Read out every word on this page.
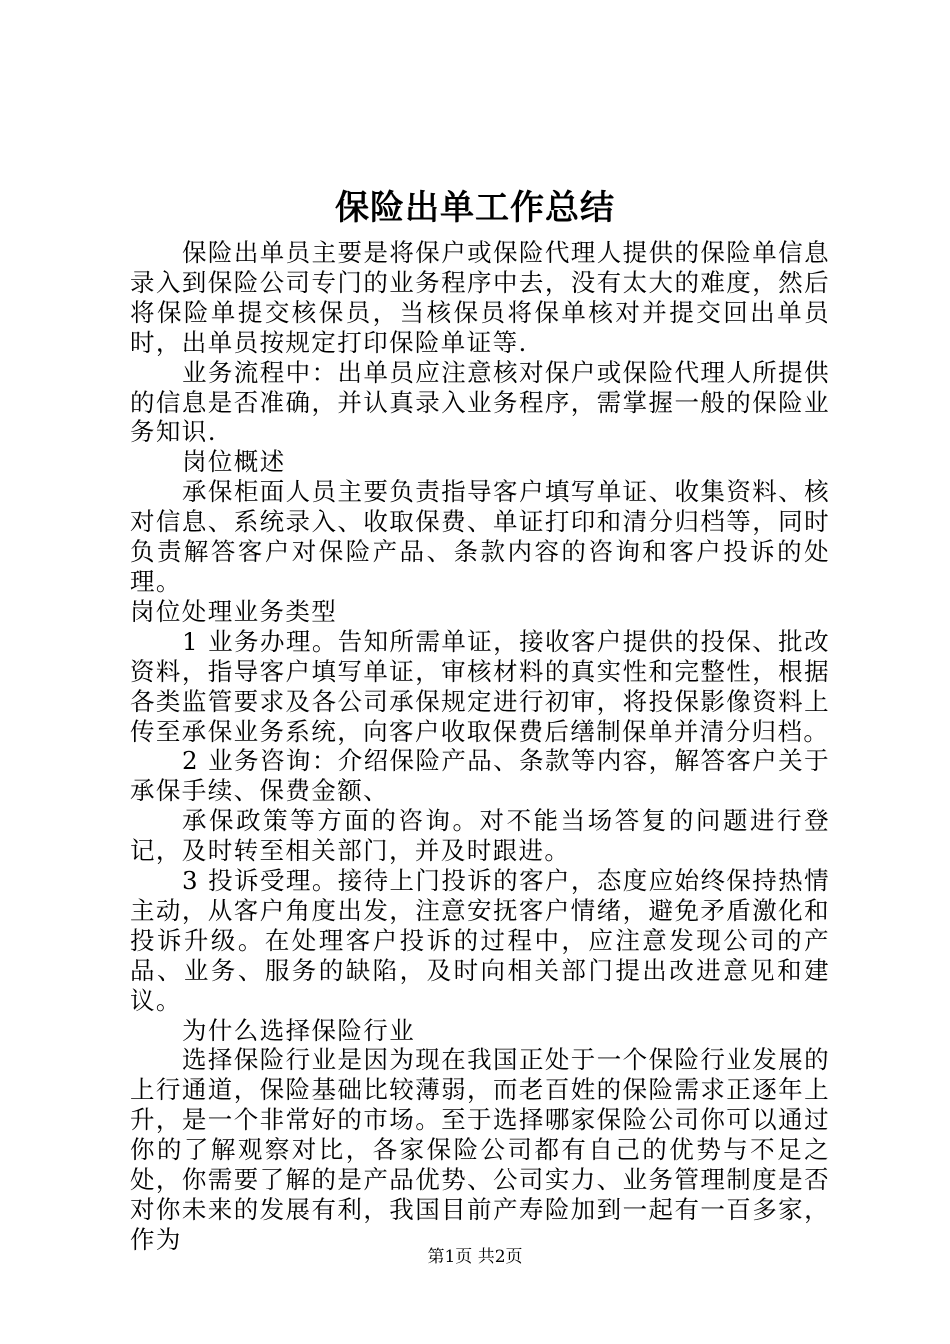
保险出单工作总结

保险出单员主要是将保户或保险代理人提供的保险单信息录入到保险公司专门的业务程序中去，没有太大的难度，然后将保险单提交核保员，当核保员将保单核对并提交回出单员时，出单员按规定打印保险单证等.

业务流程中：出单员应注意核对保户或保险代理人所提供的信息是否准确，并认真录入业务程序，需掌握一般的保险业务知识.

岗位概述

承保柜面人员主要负责指导客户填写单证、收集资料、核对信息、系统录入、收取保费、单证打印和清分归档等，同时负责解答客户对保险产品、条款内容的咨询和客户投诉的处理。

岗位处理业务类型

1 业务办理。告知所需单证，接收客户提供的投保、批改资料，指导客户填写单证，审核材料的真实性和完整性，根据各类监管要求及各公司承保规定进行初审，将投保影像资料上传至承保业务系统，向客户收取保费后缮制保单并清分归档。

2 业务咨询：介绍保险产品、条款等内容，解答客户关于承保手续、保费金额、

承保政策等方面的咨询。对不能当场答复的问题进行登记，及时转至相关部门，并及时跟进。

3 投诉受理。接待上门投诉的客户，态度应始终保持热情主动，从客户角度出发，注意安抚客户情绪，避免矛盾激化和投诉升级。在处理客户投诉的过程中，应注意发现公司的产品、业务、服务的缺陷，及时向相关部门提出改进意见和建议。

为什么选择保险行业

选择保险行业是因为现在我国正处于一个保险行业发展的上行通道，保险基础比较薄弱，而老百姓的保险需求正逐年上升，是一个非常好的市场。至于选择哪家保险公司你可以通过你的了解观察对比，各家保险公司都有自己的优势与不足之处，你需要了解的是产品优势、公司实力、业务管理制度是否对你未来的发展有利，我国目前产寿险加到一起有一百多家，作为

第1页 共2页
